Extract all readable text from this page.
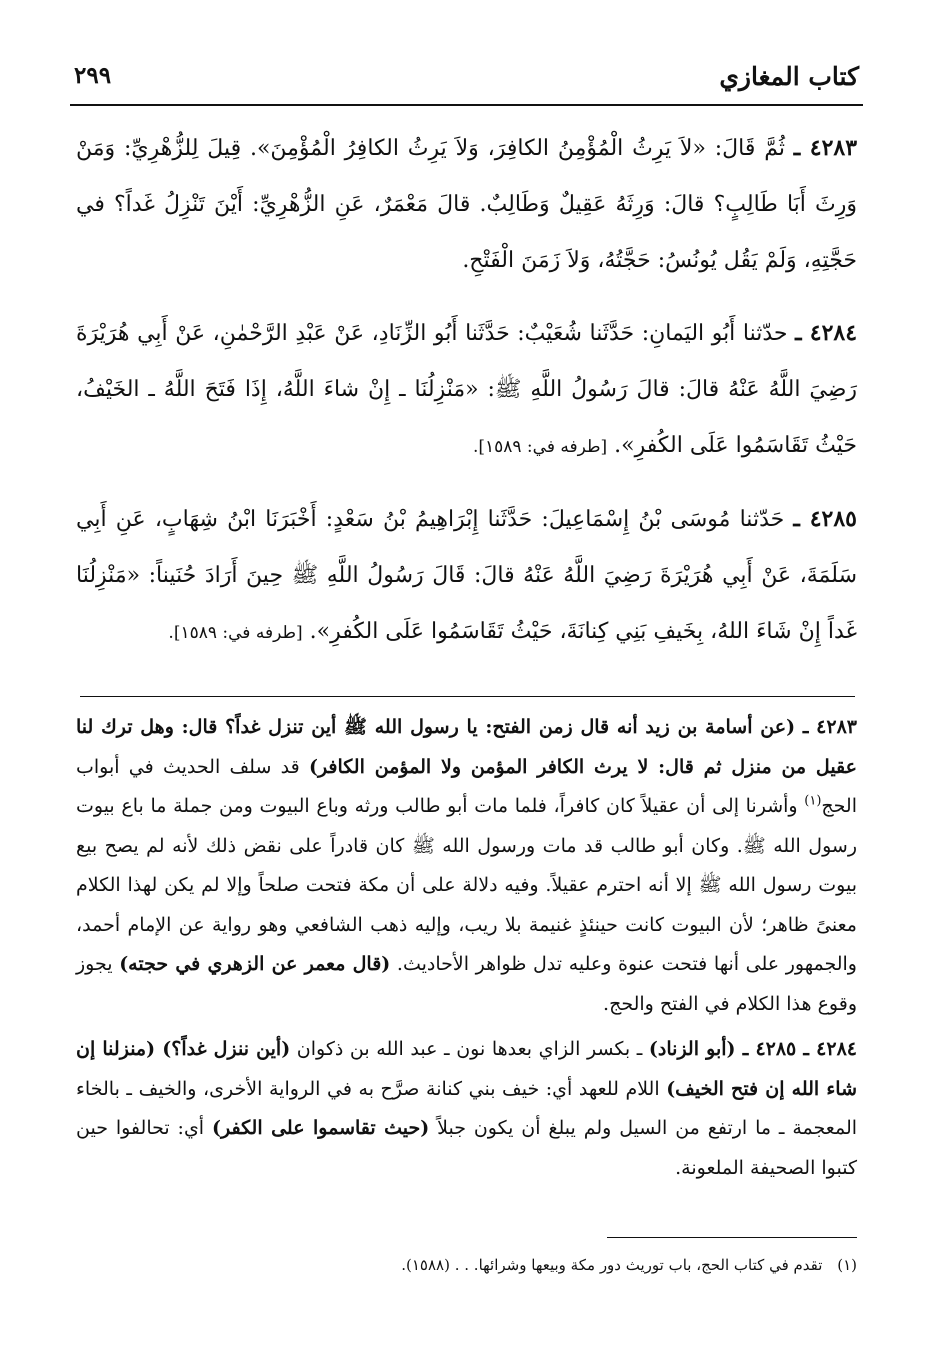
كتاب المغازي
٢٩٩

٤٢٨٣ ـ ثُمَّ قَالَ: «لاَ يَرِثُ الْمُؤْمِنُ الكافِرَ، وَلاَ يَرِثُ الكافِرُ الْمُؤْمِنَ». قِيلَ لِلزُّهْرِيِّ: وَمَنْ وَرِثَ أَبَا طَالِبٍ؟ قالَ: وَرِثَهُ عَقِيلٌ وَطَالِبٌ. قالَ مَعْمَرٌ، عَنِ الزُّهْرِيِّ: أَيْنَ تَنْزِلُ غَداً؟ في حَجَّتِهِ، وَلَمْ يَقُل يُونُسُ: حَجَّتُهُ، وَلاَ زَمَنَ الْفَتْحِ.

٤٢٨٤ ـ حدّثنا أَبُو اليَمانِ: حَدَّثَنا شُعَيْبٌ: حَدَّثَنا أَبُو الزِّنَادِ، عَنْ عَبْدِ الرَّحْمٰنِ، عَنْ أَبِي هُرَيْرَةَ رَضِيَ اللَّهُ عَنْهُ قالَ: قالَ رَسُولُ اللَّهِ ﷺ: «مَنْزِلُنَا ـ إِنْ شاءَ اللَّهُ، إِذَا فَتَحَ اللَّهُ ـ الخَيْفُ، حَيْثُ تَقَاسَمُوا عَلَى الكُفرِ». [طرفه في: ١٥٨٩].

٤٢٨٥ ـ حَدّثنا مُوسَى بْنُ إِسْمَاعِيلَ: حَدَّثَنا إِبْرَاهِيمُ بْنُ سَعْدٍ: أَخْبَرَنَا ابْنُ شِهَابٍ، عَنِ أَبِي سَلَمَةَ، عَنْ أَبِي هُرَيْرَةَ رَضِيَ اللَّهُ عَنْهُ قالَ: قَالَ رَسُولُ اللَّهِ ﷺ حِينَ أَرَادَ حُنَيناً: «مَنْزِلُنَا غَداً إِنْ شَاءَ اللهُ، بِخَيفِ بَنِي كِنانَةَ، حَيْثُ تَقَاسَمُوا عَلَى الكُفرِ». [طرفه في: ١٥٨٩].

٤٢٨٣ ـ (عن أسامة بن زيد أنه قال زمن الفتح: يا رسول الله ﷺ أين تنزل غداً؟ قال: وهل ترك لنا عقيل من منزل ثم قال: لا يرث الكافر المؤمن ولا المؤمن الكافر) قد سلف الحديث في أبواب الحج$^{(١)}$ وأشرنا إلى أن عقيلاً كان كافراً، فلما مات أبو طالب ورثه وباع البيوت ومن جملة ما باع بيوت رسول الله ﷺ. وكان أبو طالب قد مات ورسول الله ﷺ كان قادراً على نقض ذلك لأنه لم يصح بيع بيوت رسول الله ﷺ إلا أنه احترم عقيلاً. وفيه دلالة على أن مكة فتحت صلحاً وإلا لم يكن لهذا الكلام معنىً ظاهر؛ لأن البيوت كانت حينئذٍ غنيمة بلا ريب، وإليه ذهب الشافعي وهو رواية عن الإمام أحمد، والجمهور على أنها فتحت عنوة وعليه تدل ظواهر الأحاديث. (قال معمر عن الزهري في حجته) يجوز وقوع هذا الكلام في الفتح والحج.

٤٢٨٤ ـ ٤٢٨٥ ـ (أبو الزناد) ـ بكسر الزاي بعدها نون ـ عبد الله بن ذكوان (أين ننزل غداً؟) (منزلنا إن شاء الله إن فتح الخيف) اللام للعهد أي: خيف بني كنانة صرَّح به في الرواية الأخرى، والخيف ـ بالخاء المعجمة ـ ما ارتفع من السيل ولم يبلغ أن يكون جبلاً (حيث تقاسموا على الكفر) أي: تحالفوا حين كتبوا الصحيفة الملعونة.

(١) تقدم في كتاب الحج، باب توريث دور مكة وبيعها وشرائها. . . (١٥٨٨).
